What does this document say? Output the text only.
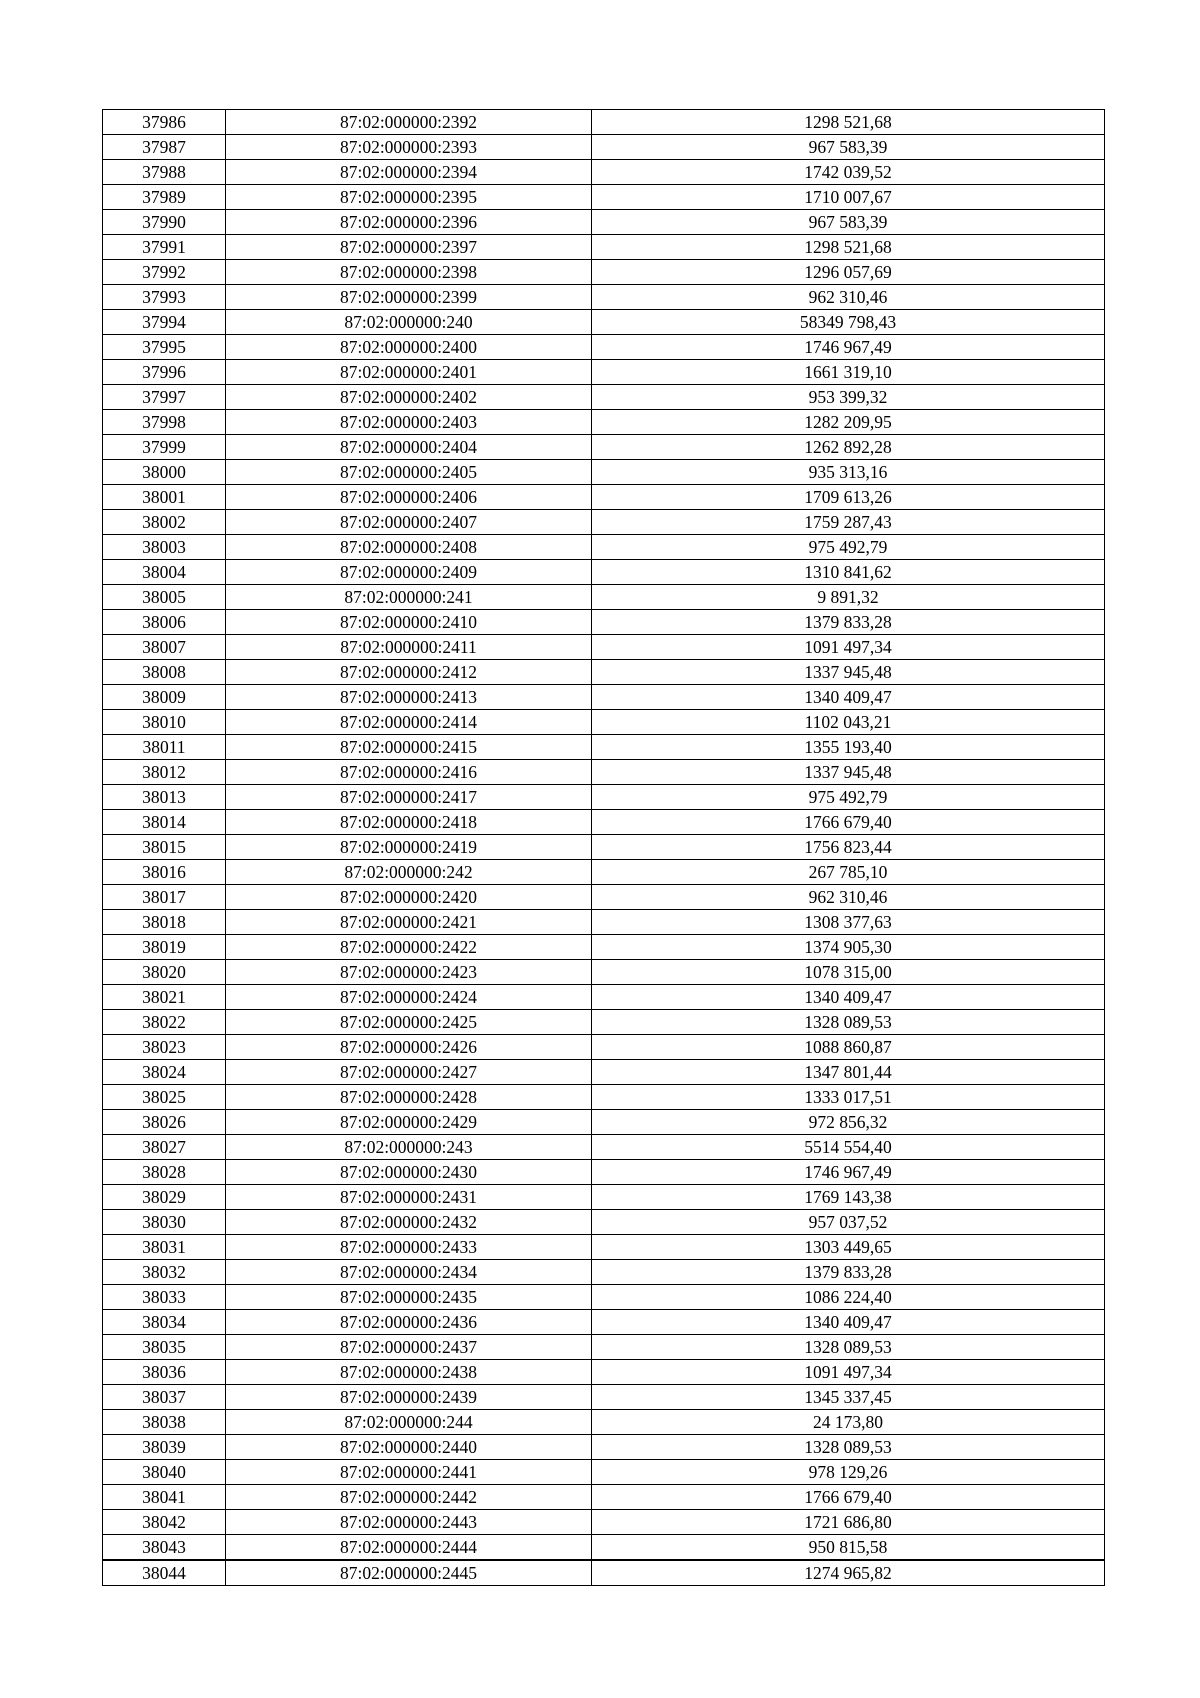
37986	87:02:000000:2392	1298 521,68
37987	87:02:000000:2393	967 583,39
37988	87:02:000000:2394	1742 039,52
37989	87:02:000000:2395	1710 007,67
37990	87:02:000000:2396	967 583,39
37991	87:02:000000:2397	1298 521,68
37992	87:02:000000:2398	1296 057,69
37993	87:02:000000:2399	962 310,46
37994	87:02:000000:240	58349 798,43
37995	87:02:000000:2400	1746 967,49
37996	87:02:000000:2401	1661 319,10
37997	87:02:000000:2402	953 399,32
37998	87:02:000000:2403	1282 209,95
37999	87:02:000000:2404	1262 892,28
38000	87:02:000000:2405	935 313,16
38001	87:02:000000:2406	1709 613,26
38002	87:02:000000:2407	1759 287,43
38003	87:02:000000:2408	975 492,79
38004	87:02:000000:2409	1310 841,62
38005	87:02:000000:241	9 891,32
38006	87:02:000000:2410	1379 833,28
38007	87:02:000000:2411	1091 497,34
38008	87:02:000000:2412	1337 945,48
38009	87:02:000000:2413	1340 409,47
38010	87:02:000000:2414	1102 043,21
38011	87:02:000000:2415	1355 193,40
38012	87:02:000000:2416	1337 945,48
38013	87:02:000000:2417	975 492,79
38014	87:02:000000:2418	1766 679,40
38015	87:02:000000:2419	1756 823,44
38016	87:02:000000:242	267 785,10
38017	87:02:000000:2420	962 310,46
38018	87:02:000000:2421	1308 377,63
38019	87:02:000000:2422	1374 905,30
38020	87:02:000000:2423	1078 315,00
38021	87:02:000000:2424	1340 409,47
38022	87:02:000000:2425	1328 089,53
38023	87:02:000000:2426	1088 860,87
38024	87:02:000000:2427	1347 801,44
38025	87:02:000000:2428	1333 017,51
38026	87:02:000000:2429	972 856,32
38027	87:02:000000:243	5514 554,40
38028	87:02:000000:2430	1746 967,49
38029	87:02:000000:2431	1769 143,38
38030	87:02:000000:2432	957 037,52
38031	87:02:000000:2433	1303 449,65
38032	87:02:000000:2434	1379 833,28
38033	87:02:000000:2435	1086 224,40
38034	87:02:000000:2436	1340 409,47
38035	87:02:000000:2437	1328 089,53
38036	87:02:000000:2438	1091 497,34
38037	87:02:000000:2439	1345 337,45
38038	87:02:000000:244	24 173,80
38039	87:02:000000:2440	1328 089,53
38040	87:02:000000:2441	978 129,26
38041	87:02:000000:2442	1766 679,40
38042	87:02:000000:2443	1721 686,80
38043	87:02:000000:2444	950 815,58
38044	87:02:000000:2445	1274 965,82
